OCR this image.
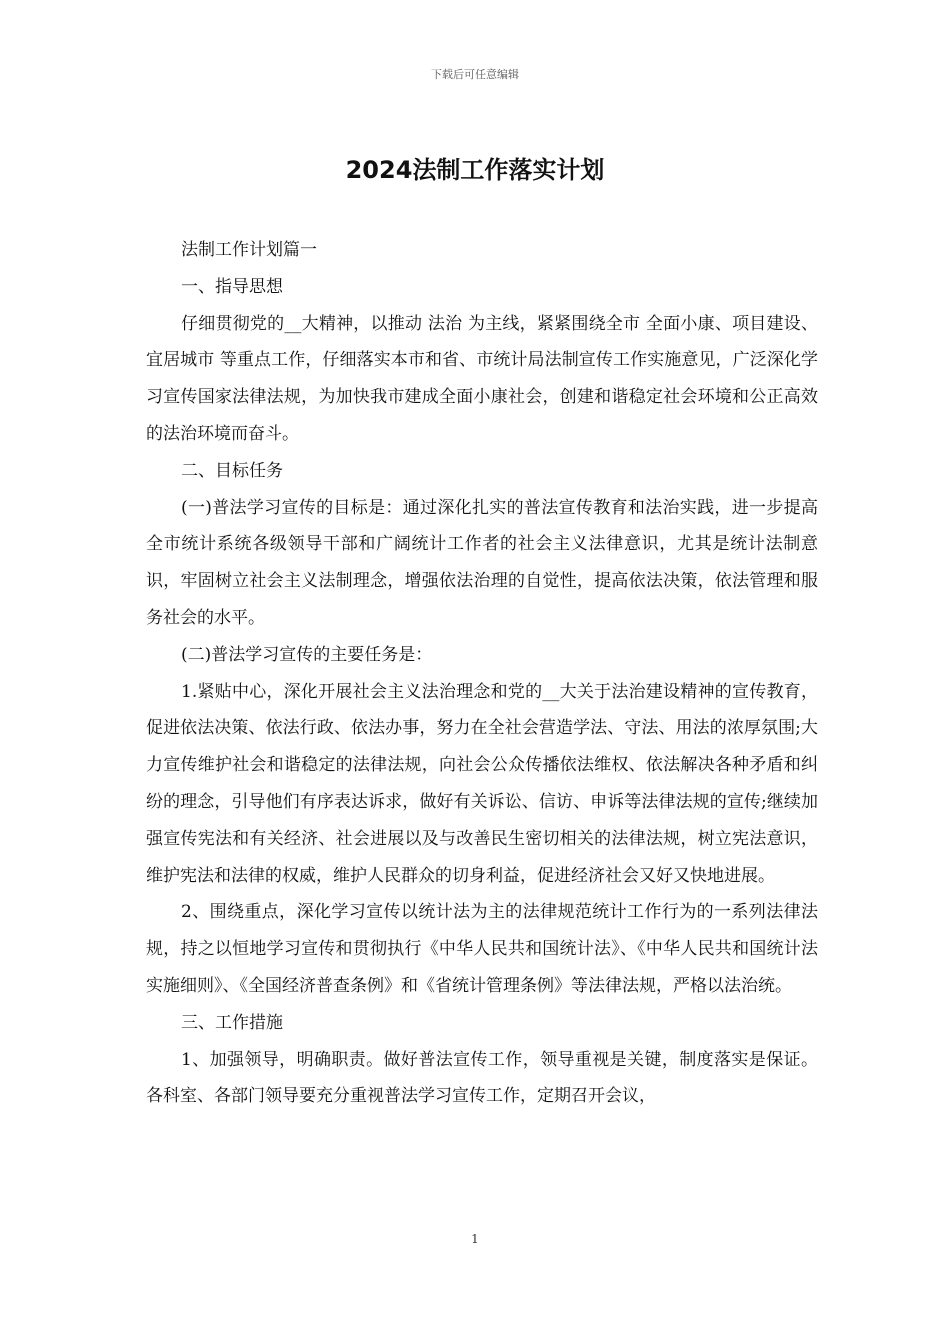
下载后可任意编辑
2024法制工作落实计划

法制工作计划篇一

一、指导思想

仔细贯彻党的__大精神，以推动 法治 为主线，紧紧围绕全市 全面小康、项目建设、宜居城市 等重点工作，仔细落实本市和省、市统计局法制宣传工作实施意见，广泛深化学习宣传国家法律法规，为加快我市建成全面小康社会，创建和谐稳定社会环境和公正高效的法治环境而奋斗。

二、目标任务

(一)普法学习宣传的目标是：通过深化扎实的普法宣传教育和法治实践，进一步提高全市统计系统各级领导干部和广阔统计工作者的社会主义法律意识，尤其是统计法制意识，牢固树立社会主义法制理念，增强依法治理的自觉性，提高依法决策，依法管理和服务社会的水平。

(二)普法学习宣传的主要任务是：

1.紧贴中心，深化开展社会主义法治理念和党的__大关于法治建设精神的宣传教育，促进依法决策、依法行政、依法办事，努力在全社会营造学法、守法、用法的浓厚氛围;大力宣传维护社会和谐稳定的法律法规，向社会公众传播依法维权、依法解决各种矛盾和纠纷的理念，引导他们有序表达诉求，做好有关诉讼、信访、申诉等法律法规的宣传;继续加强宣传宪法和有关经济、社会进展以及与改善民生密切相关的法律法规，树立宪法意识，维护宪法和法律的权威，维护人民群众的切身利益，促进经济社会又好又快地进展。

2、围绕重点，深化学习宣传以统计法为主的法律规范统计工作行为的一系列法律法规，持之以恒地学习宣传和贯彻执行《中华人民共和国统计法》、《中华人民共和国统计法实施细则》、《全国经济普查条例》和《省统计管理条例》等法律法规，严格以法治统。

三、工作措施

1、加强领导，明确职责。做好普法宣传工作，领导重视是关键，制度落实是保证。各科室、各部门领导要充分重视普法学习宣传工作，定期召开会议，

1
